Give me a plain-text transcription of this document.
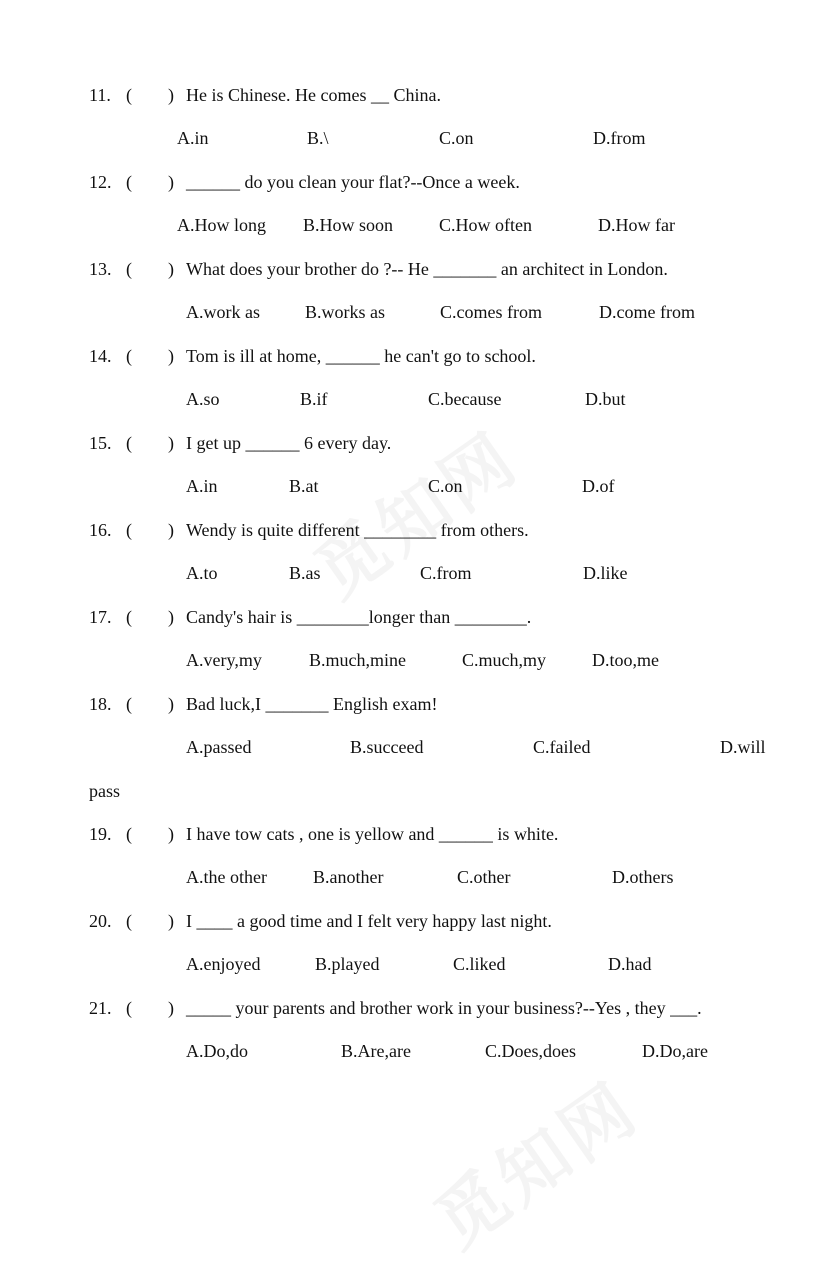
11. ( ) He is Chinese. He comes __ China.
A.in	B.\	C.on	D.from
12. ( ) ______ do you clean your flat?--Once a week.
A.How long B.How soon	C.How often	D.How far
13. ( ) What does your brother do ?-- He _______ an architect in London.
A.work as	B.works as	C.comes from	D.come from
14. ( ) Tom is ill at home, ______ he can't go to school.
A.so	B.if	C.because	D.but
15. ( ) I get up ______ 6 every day.
A.in	B.at	C.on	D.of
16. ( ) Wendy is quite different ________ from others.
A.to	B.as	C.from	D.like
17. ( ) Candy's hair is ________longer than ________.
A.very,my	B.much,mine	C.much,my	D.too,me
18. ( ) Bad luck,I _______ English exam!
A.passed	B.succeed	C.failed	D.will
pass
19. ( ) I have tow cats , one is yellow and ______ is white.
A.the other	B.another	C.other	D.others
20. ( ) I ____ a good time and I felt very happy last night.
A.enjoyed	B.played	C.liked	D.had
21. ( ) _____ your parents and brother work in your business?--Yes , they ___.
A.Do,do	B.Are,are	C.Does,does	D.Do,are
